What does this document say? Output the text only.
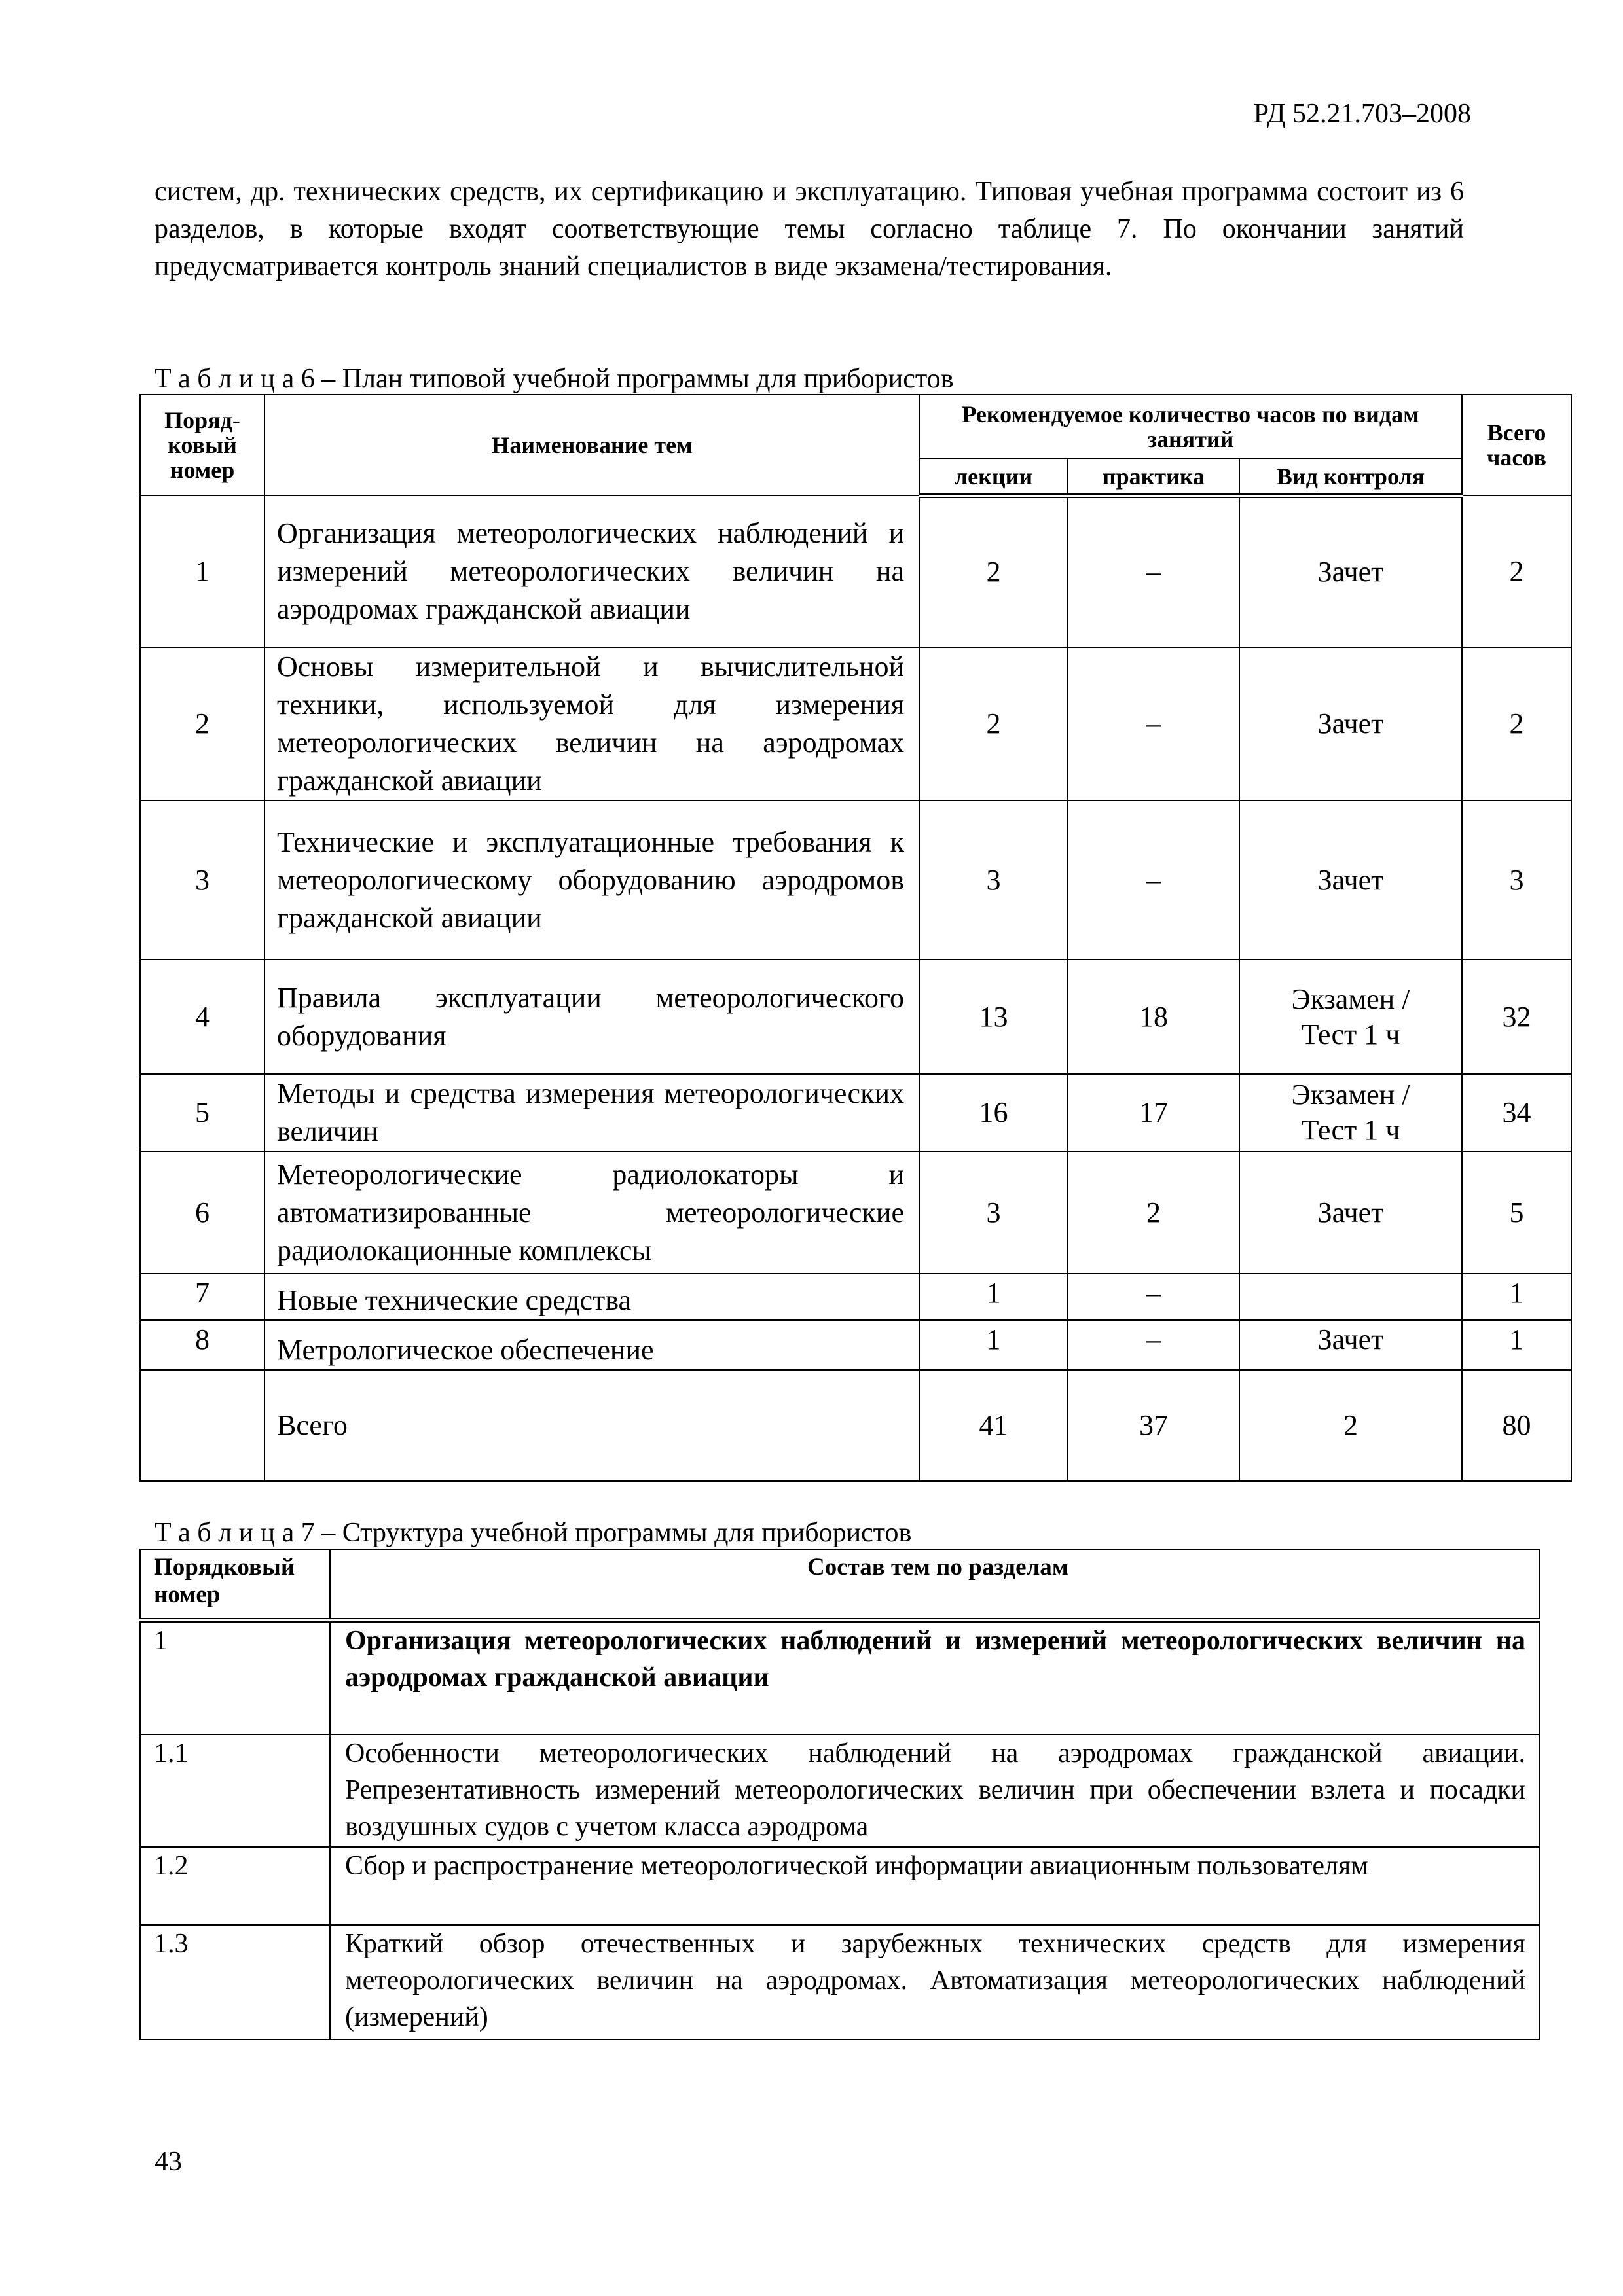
РД 52.21.703–2008

систем, др. технических средств, их сертификацию и эксплуатацию. Типовая учебная программа состоит из 6 разделов, в которые входят соответствующие темы согласно таблице 7. По окончании занятий предусматривается контроль знаний специалистов в виде экзамена/тестирования.

Т а б л и ц а 6 – План типовой учебной программы для прибористов

Поряд-ковый номер	Наименование тем	Рекомендуемое количество часов по видам занятий			Всего часов
		лекции	практика	Вид контроля	
1	Организация метеорологических наблюдений и измерений метеорологических величин на аэродромах гражданской авиации	2	–	Зачет	2
2	Основы измерительной и вычислительной техники, используемой для измерения метеорологических величин на аэродромах гражданской авиации	2	–	Зачет	2
3	Технические и эксплуатационные требования к метеорологическому оборудованию аэродромов гражданской авиации	3	–	Зачет	3
4	Правила эксплуатации метеорологического оборудования	13	18	Экзамен / Тест 1 ч	32
5	Методы и средства измерения метеорологических величин	16	17	Экзамен / Тест 1 ч	34
6	Метеорологические радиолокаторы и автоматизированные метеорологические радиолокационные комплексы	3	2	Зачет	5
7	Новые технические средства	1	–		1
8	Метрологическое обеспечение	1	–	Зачет	1
	Всего	41	37	2	80

Т а б л и ц а 7 – Структура учебной программы для прибористов

Порядковый номер	Состав тем по разделам
1	Организация метеорологических наблюдений и измерений метеорологических величин на аэродромах гражданской авиации
1.1	Особенности метеорологических наблюдений на аэродромах гражданской авиации. Репрезентативность измерений метеорологических величин при обеспечении взлета и посадки воздушных судов с учетом класса аэродрома
1.2	Сбор и распространение метеорологической информации авиационным пользователям
1.3	Краткий обзор отечественных и зарубежных технических средств для измерения метеорологических величин на аэродромах. Автоматизация метеорологических наблюдений (измерений)
43
